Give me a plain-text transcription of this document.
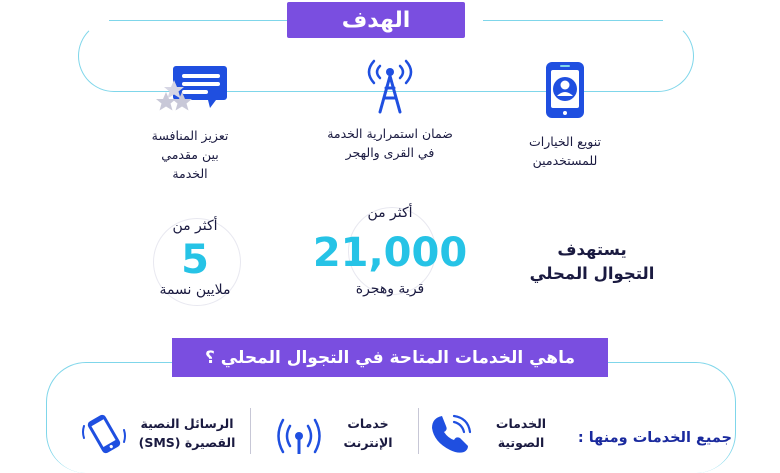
الهدف
تنويع الخيارات
للمستخدمين
ضمان استمرارية الخدمة
في القرى والهجر
تعزيز المنافسة
بين مقدمي
الخدمة
يستهدف
التجوال المحلي
أكثر من
21,000
قرية وهجرة
أكثر من
5
ملايين نسمة
ماهي الخدمات المتاحة في التجوال المحلي ؟
جميع الخدمات ومنها :
الخدمات
الصوتية
خدمات
الإنترنت
الرسائل النصية
القصيرة (SMS)
